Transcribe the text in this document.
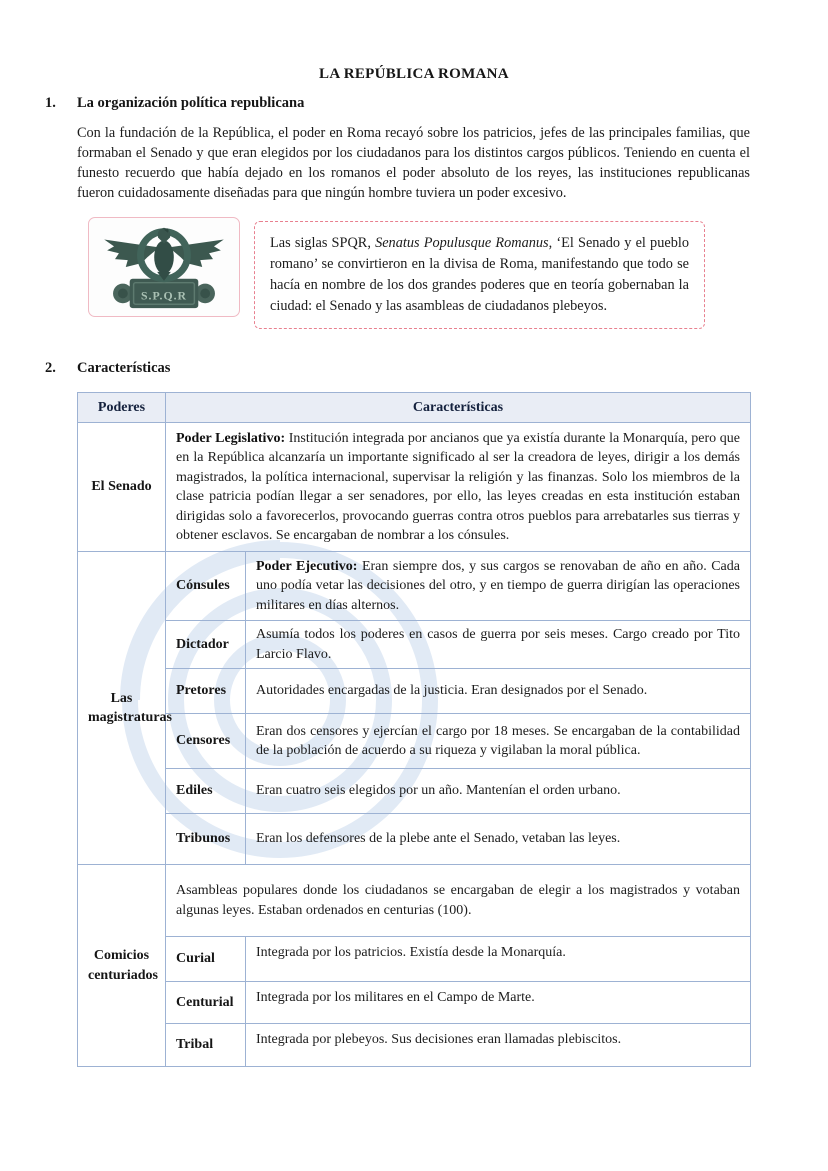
LA REPÚBLICA ROMANA
1. La organización política republicana
Con la fundación de la República, el poder en Roma recayó sobre los patricios, jefes de las principales familias, que formaban el Senado y que eran elegidos por los ciudadanos para los distintos cargos públicos. Teniendo en cuenta el funesto recuerdo que había dejado en los romanos el poder absoluto de los reyes, las instituciones republicanas fueron cuidadosamente diseñadas para que ningún hombre tuviera un poder excesivo.
S.P.Q.R
Las siglas SPQR, Senatus Populusque Romanus, ‘El Senado y el pueblo romano’ se convirtieron en la divisa de Roma, manifestando que todo se hacía en nombre de los dos grandes poderes que en teoría gobernaban la ciudad: el Senado y las asambleas de ciudadanos plebeyos.
2. Características
Poderes	Características	
El Senado	Poder Legislativo: Institución integrada por ancianos que ya existía durante la Monarquía, pero que en la República alcanzaría un importante significado al ser la creadora de leyes, dirigir a los demás magistrados, la política internacional, supervisar la religión y las finanzas. Solo los miembros de la clase patricia podían llegar a ser senadores, por ello, las leyes creadas en esta institución estaban dirigidas solo a favorecerlos, provocando guerras contra otros pueblos para arrebatarles sus tierras y obtener esclavos. Se encargaban de nombrar a los cónsules.	
Las magistraturas	Cónsules	Poder Ejecutivo: Eran siempre dos, y sus cargos se renovaban de año en año. Cada uno podía vetar las decisiones del otro, y en tiempo de guerra dirigían las operaciones militares en días alternos.
	Dictador	Asumía todos los poderes en casos de guerra por seis meses. Cargo creado por Tito Larcio Flavo.
	Pretores	Autoridades encargadas de la justicia. Eran designados por el Senado.
	Censores	Eran dos censores y ejercían el cargo por 18 meses. Se encargaban de la contabilidad de la población de acuerdo a su riqueza y vigilaban la moral pública.
	Ediles	Eran cuatro seis elegidos por un año. Mantenían el orden urbano.
	Tribunos	Eran los defensores de la plebe ante el Senado, vetaban las leyes.
Comicios centuriados	Asambleas populares donde los ciudadanos se encargaban de elegir a los magistrados y votaban algunas leyes. Estaban ordenados en centurias (100).	
	Curial	Integrada por los patricios. Existía desde la Monarquía.
	Centurial	Integrada por los militares en el Campo de Marte.
	Tribal	Integrada por plebeyos. Sus decisiones eran llamadas plebiscitos.
